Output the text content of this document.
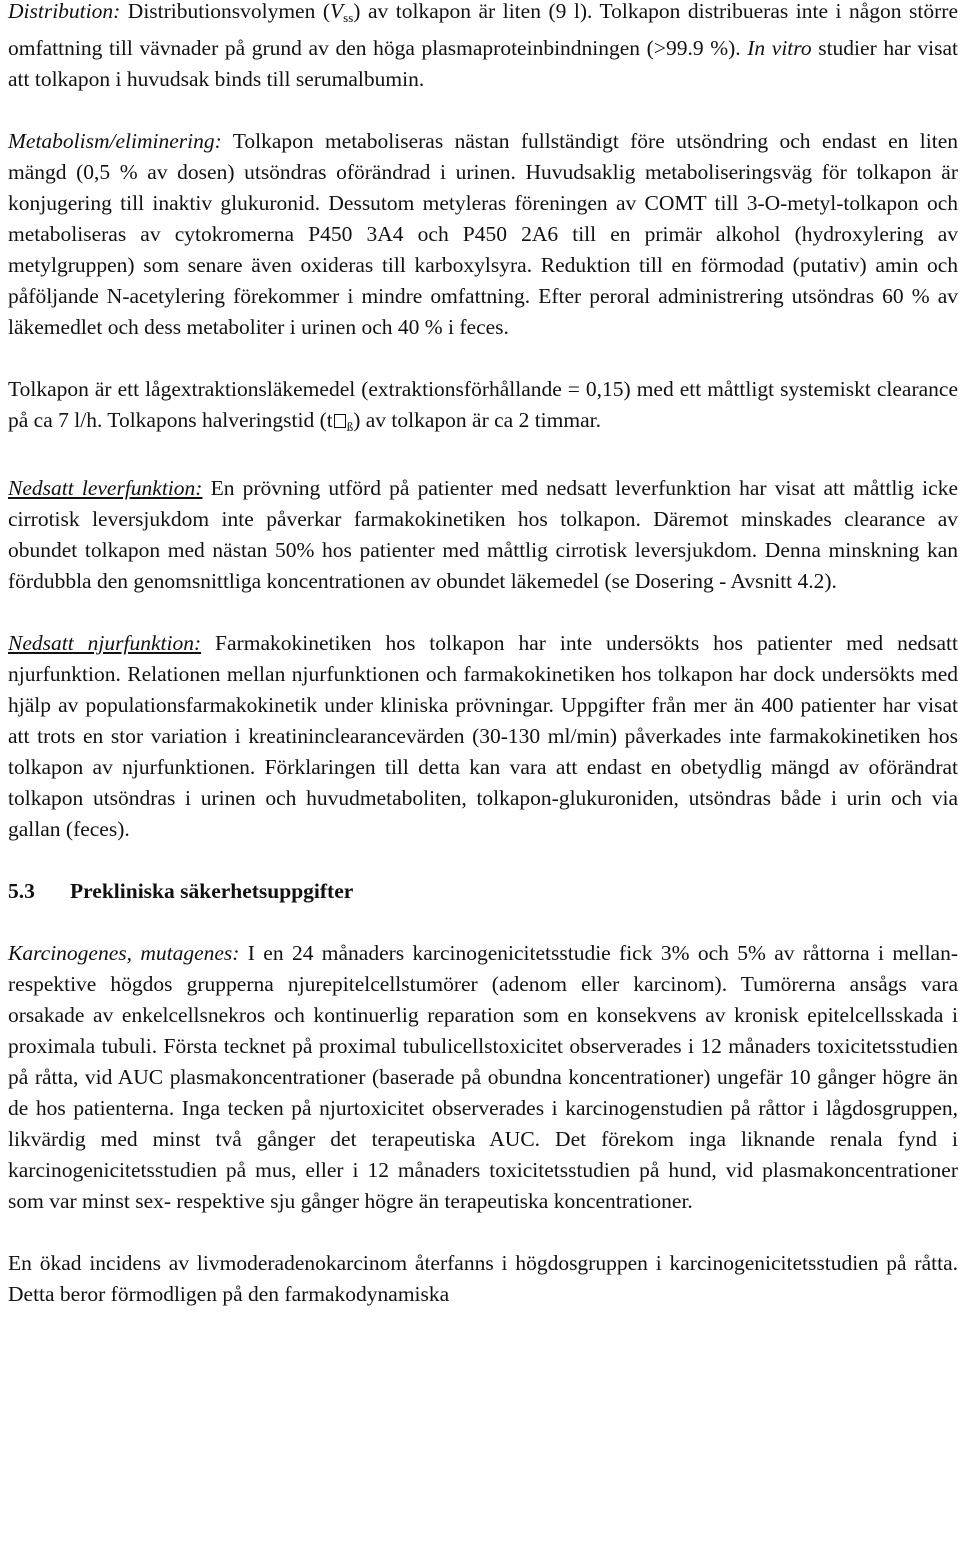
Distribution: Distributionsvolymen $(V_{ss})$ av tolkapon är liten (9 l). Tolkapon distribueras inte i någon större omfattning till vävnader på grund av den höga plasmaproteinbindningen (>99.9 %). In vitro studier har visat att tolkapon i huvudsak binds till serumalbumin.

Metabolism/eliminering: Tolkapon metaboliseras nästan fullständigt före utsöndring och endast en liten mängd (0,5 % av dosen) utsöndras oförändrad i urinen. Huvudsaklig metaboliseringsväg för tolkapon är konjugering till inaktiv glukuronid. Dessutom metyleras föreningen av COMT till 3-O-metyl-tolkapon och metaboliseras av cytokromerna P450 3A4 och P450 2A6 till en primär alkohol (hydroxylering av metylgruppen) som senare även oxideras till karboxylsyra. Reduktion till en förmodad (putativ) amin och påföljande N-acetylering förekommer i mindre omfattning. Efter peroral administrering utsöndras 60 % av läkemedlet och dess metaboliter i urinen och 40 % i feces.

Tolkapon är ett lågextraktionsläkemedel (extraktionsförhållande = 0,15) med ett måttligt systemiskt clearance på ca 7 l/h. Tolkapons halveringstid (t ß) av tolkapon är ca 2 timmar.

Nedsatt leverfunktion: En prövning utförd på patienter med nedsatt leverfunktion har visat att måttlig icke cirrotisk leversjukdom inte påverkar farmakokinetiken hos tolkapon. Däremot minskades clearance av obundet tolkapon med nästan 50% hos patienter med måttlig cirrotisk leversjukdom. Denna minskning kan fördubbla den genomsnittliga koncentrationen av obundet läkemedel (se Dosering - Avsnitt 4.2).

Nedsatt njurfunktion: Farmakokinetiken hos tolkapon har inte undersökts hos patienter med nedsatt njurfunktion. Relationen mellan njurfunktionen och farmakokinetiken hos tolkapon har dock undersökts med hjälp av populationsfarmakokinetik under kliniska prövningar. Uppgifter från mer än 400 patienter har visat att trots en stor variation i kreatininclearancevärden (30-130 ml/min) påverkades inte farmakokinetiken hos tolkapon av njurfunktionen. Förklaringen till detta kan vara att endast en obetydlig mängd av oförändrat tolkapon utsöndras i urinen och huvudmetaboliten, tolkapon-glukuroniden, utsöndras både i urin och via gallan (feces).

5.3 Prekliniska säkerhetsuppgifter

Karcinogenes, mutagenes: I en 24 månaders karcinogenicitetsstudie fick 3% och 5% av råttorna i mellan- respektive högdos grupperna njurepitelcellstumörer (adenom eller karcinom). Tumörerna ansågs vara orsakade av enkelcellsnekros och kontinuerlig reparation som en konsekvens av kronisk epitelcellsskada i proximala tubuli. Första tecknet på proximal tubulicellstoxicitet observerades i 12 månaders toxicitetsstudien på råtta, vid AUC plasmakoncentrationer (baserade på obundna koncentrationer) ungefär 10 gånger högre än de hos patienterna. Inga tecken på njurtoxicitet observerades i karcinogenstudien på råttor i lågdosgruppen, likvärdig med minst två gånger det terapeutiska AUC. Det förekom inga liknande renala fynd i karcinogenicitetsstudien på mus, eller i 12 månaders toxicitetsstudien på hund, vid plasmakoncentrationer som var minst sex- respektive sju gånger högre än terapeutiska koncentrationer.

En ökad incidens av livmoderadenokarcinom återfanns i högdosgruppen i karcinogenicitetsstudien på råtta. Detta beror förmodligen på den farmakodynamiska
